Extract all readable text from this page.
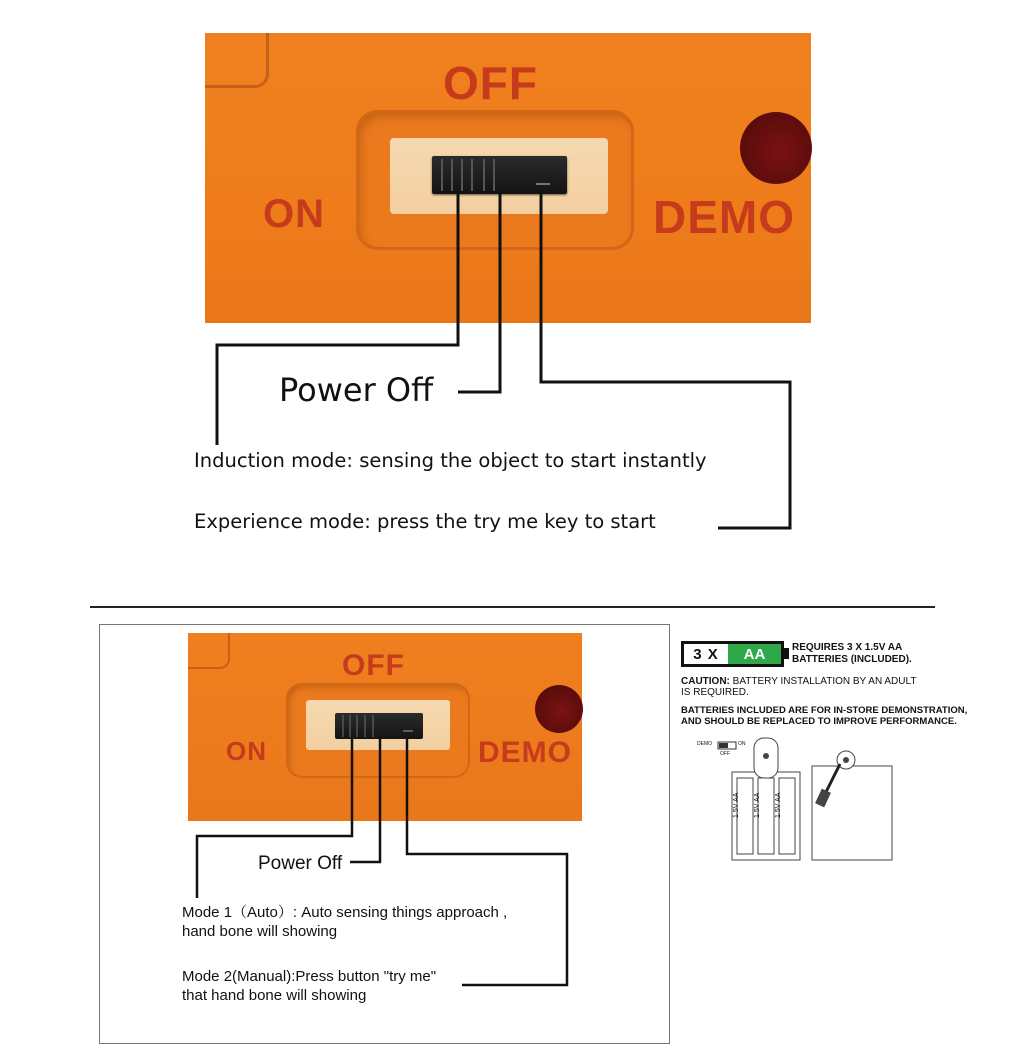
OFF
ON	DEMO
Power Off
Induction mode: sensing the object to start instantly
Experience mode: press the try me key to start
OFF
ON	DEMO
Power Off
Mode 1（Auto）: Auto sensing things approach ,
hand bone will showing
Mode 2(Manual):Press button "try me"
that hand bone will showing
3 X	AA	REQUIRES 3 X 1.5V AA
BATTERIES (INCLUDED).
CAUTION: BATTERY INSTALLATION BY AN ADULT
IS REQUIRED.
BATTERIES INCLUDED ARE FOR IN-STORE DEMONSTRATION,
AND SHOULD BE REPLACED TO IMPROVE PERFORMANCE.
DEMO	ON
OFF
1.5V AA 1.5V AA 1.5V AA
